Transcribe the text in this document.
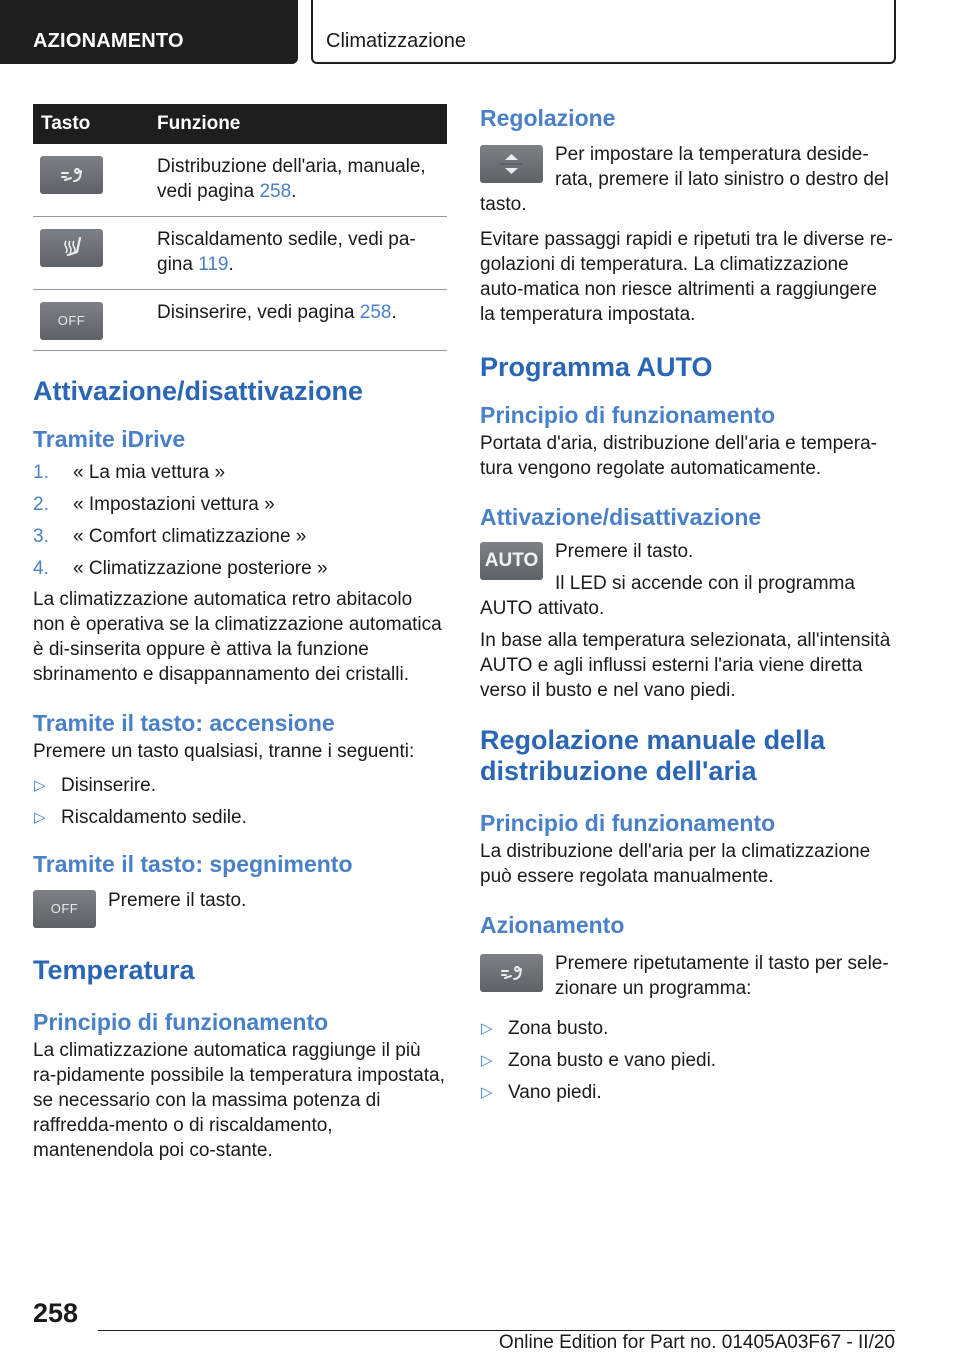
AZIONAMENTO	Climatizzazione
Tasto	Funzione

	Distribuzione dell'aria, manuale, vedi pagina 258.

	Riscaldamento sedile, vedi pa-gina 119.
OFF	Disinserire, vedi pagina 258.
Attivazione/disattivazione
Tramite iDrive
1. « La mia vettura »
2. « Impostazioni vettura »
3. « Comfort climatizzazione »
4. « Climatizzazione posteriore »

La climatizzazione automatica retro abitacolo non è operativa se la climatizzazione automatica è di-sinserita oppure è attiva la funzione sbrinamento e disappannamento dei cristalli.

Tramite il tasto: accensione

Premere un tasto qualsiasi, tranne i seguenti:

▷ Disinserire.
▷ Riscaldamento sedile.
Tramite il tasto: spegnimento
OFF	Premere il tasto.

Temperatura
Principio di funzionamento

La climatizzazione automatica raggiunge il più ra-pidamente possibile la temperatura impostata, se necessario con la massima potenza di raffredda-mento o di riscaldamento, mantenendola poi co-stante.

Regolazione

Per impostare la temperatura deside-rata, premere il lato sinistro o destro del tasto.

Evitare passaggi rapidi e ripetuti tra le diverse re-golazioni di temperatura. La climatizzazione auto-matica non riesce altrimenti a raggiungere la temperatura impostata.

Programma AUTO
Principio di funzionamento

Portata d'aria, distribuzione dell'aria e tempera-tura vengono regolate automaticamente.

Attivazione/disattivazione
AUTO Premere il tasto.

Il LED si accende con il programma AUTO attivato.

In base alla temperatura selezionata, all'intensità AUTO e agli influssi esterni l'aria viene diretta verso il busto e nel vano piedi.

Regolazione manuale della distribuzione dell'aria
Principio di funzionamento

La distribuzione dell'aria per la climatizzazione può essere regolata manualmente.

Azionamento

Premere ripetutamente il tasto per sele-zionare un programma:

▷ Zona busto.
▷ Zona busto e vano piedi.
▷ Vano piedi.
258
Online Edition for Part no. 01405A03F67 - II/20
